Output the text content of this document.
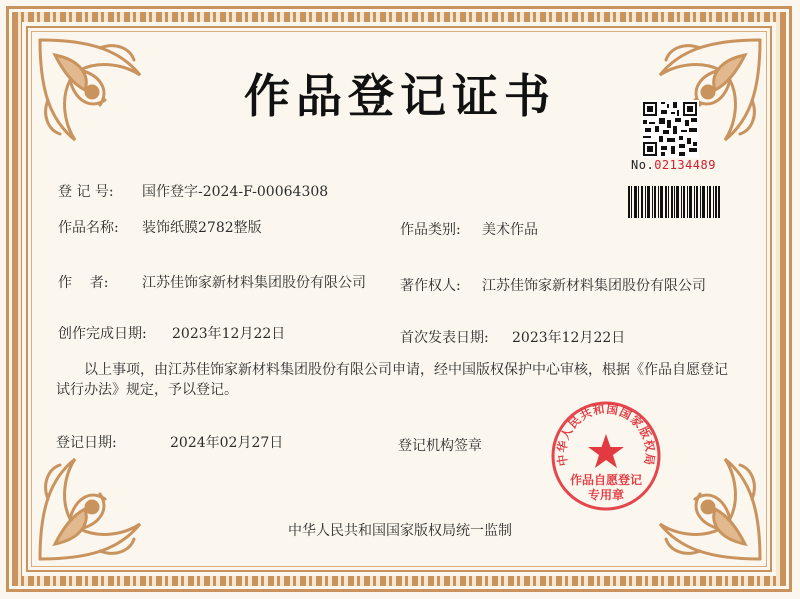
作品登记证书
No.02134489
登 记 号: 国作登字-2024-F-00064308
作品名称: 装饰纸膜2782整版	作品类别: 美术作品
作    者: 江苏佳饰家新材料集团股份有限公司 著作权人: 江苏佳饰家新材料集团股份有限公司
创作完成日期: 2023年12月22日	首次发表日期: 2023年12月22日
以上事项，由江苏佳饰家新材料集团股份有限公司申请，经中国版权保护中心审核，根据《作品自愿登记
试行办法》规定，予以登记。
登记日期:	2024年02月27日	登记机构签章
中华人民共和国国家版权局
作品自愿登记
专用章
中华人民共和国国家版权局统一监制
